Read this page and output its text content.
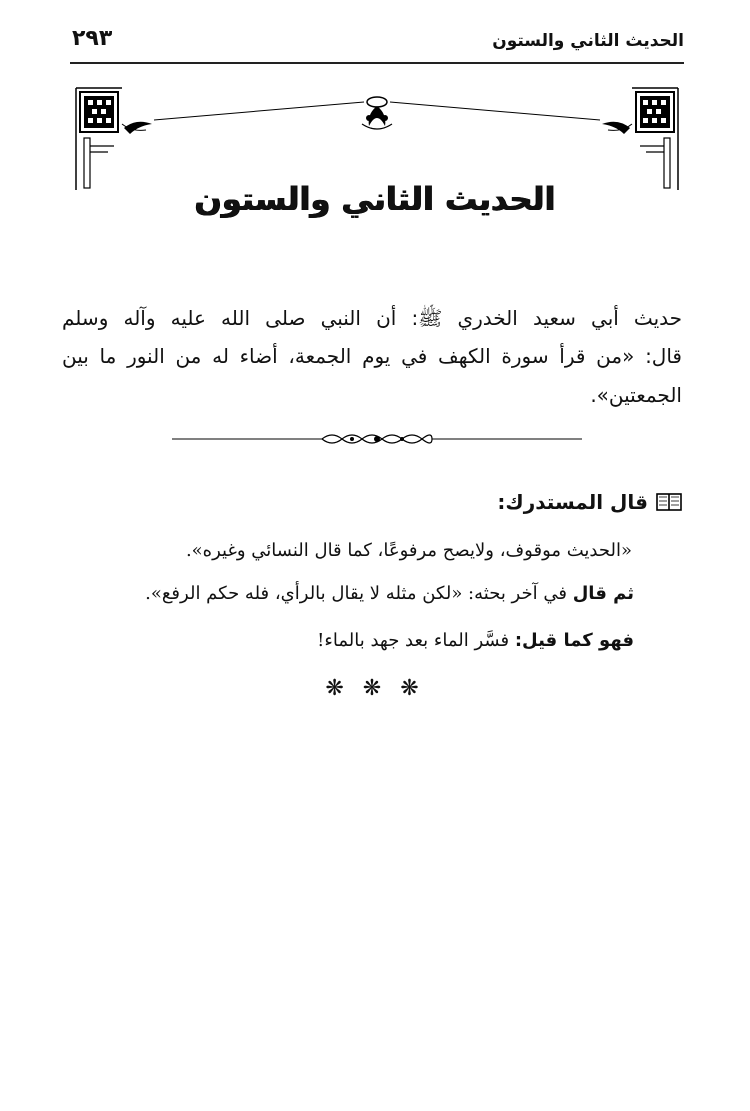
الحديث الثاني والستون
٢٩٣
الحديث الثاني والستون
حديث أبي سعيد الخدري ﷺ: أن النبي صلى الله عليه وآله وسلم
قال: «من قرأ سورة الكهف في يوم الجمعة، أضاء له من النور ما بين
الجمعتين».
قال المستدرك:
«الحديث موقوف، ولايصح مرفوعًا، كما قال النسائي وغيره».
ثم قال في آخر بحثه: «لكن مثله لا يقال بالرأي، فله حكم الرفع».
فهو كما قيل: فسَّر الماء بعد جهد بالماء!
❋ ❋ ❋
